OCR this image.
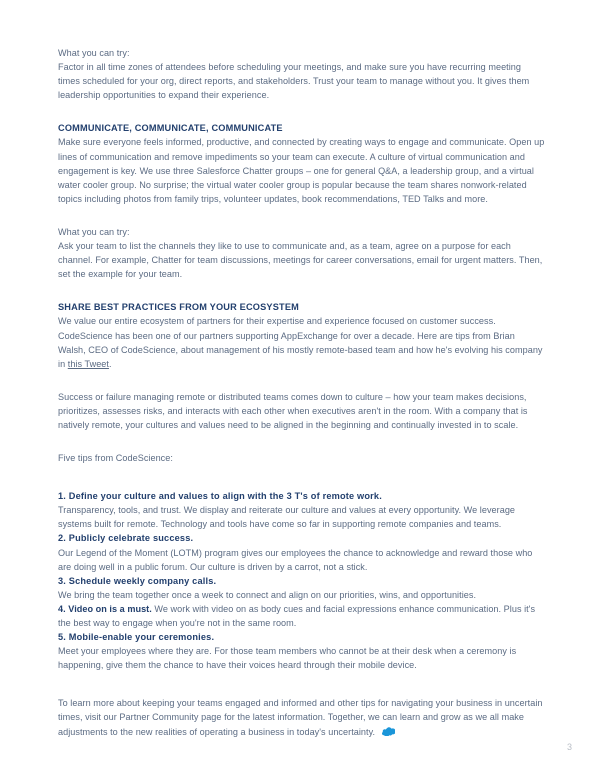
What you can try:

Factor in all time zones of attendees before scheduling your meetings, and make sure you have recurring meeting times scheduled for your org, direct reports, and stakeholders. Trust your team to manage without you. It gives them leadership opportunities to expand their experience.

COMMUNICATE, COMMUNICATE, COMMUNICATE

Make sure everyone feels informed, productive, and connected by creating ways to engage and communicate. Open up lines of communication and remove impediments so your team can execute. A culture of virtual communication and engagement is key. We use three Salesforce Chatter groups – one for general Q&A, a leadership group, and a virtual water cooler group. No surprise; the virtual water cooler group is popular because the team shares nonwork-related topics including photos from family trips, volunteer updates, book recommendations, TED Talks and more.

What you can try:

Ask your team to list the channels they like to use to communicate and, as a team, agree on a purpose for each channel. For example, Chatter for team discussions, meetings for career conversations, email for urgent matters. Then, set the example for your team.

SHARE BEST PRACTICES FROM YOUR ECOSYSTEM

We value our entire ecosystem of partners for their expertise and experience focused on customer success. CodeScience has been one of our partners supporting AppExchange for over a decade. Here are tips from Brian Walsh, CEO of CodeScience, about management of his mostly remote-based team and how he's evolving his company in this Tweet.

Success or failure managing remote or distributed teams comes down to culture – how your team makes decisions, prioritizes, assesses risks, and interacts with each other when executives aren't in the room. With a company that is natively remote, your cultures and values need to be aligned in the beginning and continually invested in to scale.

Five tips from CodeScience:

1. Define your culture and values to align with the 3 T's of remote work.

Transparency, tools, and trust. We display and reiterate our culture and values at every opportunity. We leverage systems built for remote. Technology and tools have come so far in supporting remote companies and teams.

2. Publicly celebrate success.

Our Legend of the Moment (LOTM) program gives our employees the chance to acknowledge and reward those who are doing well in a public forum. Our culture is driven by a carrot, not a stick.

3. Schedule weekly company calls.

We bring the team together once a week to connect and align on our priorities, wins, and opportunities.

4. Video on is a must. We work with video on as body cues and facial expressions enhance communication. Plus it's the best way to engage when you're not in the same room.

5. Mobile-enable your ceremonies.

Meet your employees where they are. For those team members who cannot be at their desk when a ceremony is happening, give them the chance to have their voices heard through their mobile device.

To learn more about keeping your teams engaged and informed and other tips for navigating your business in uncertain times, visit our Partner Community page for the latest information. Together, we can learn and grow as we all make adjustments to the new realities of operating a business in today's uncertainty.

3
